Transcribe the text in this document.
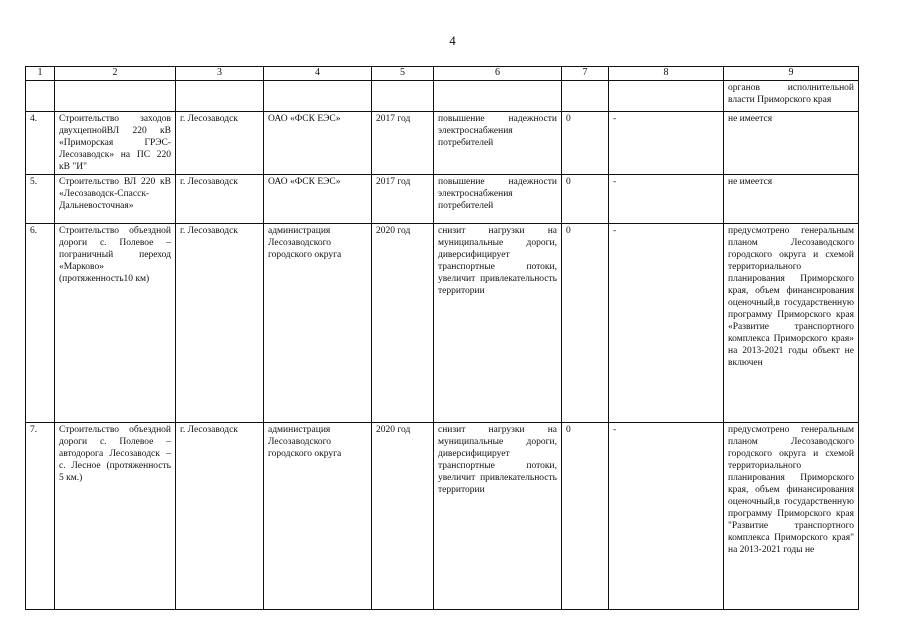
4
1	2	3	4	5	6	7	8	9
								органов исполнительной власти Приморского края
4.	Строительство заходов двухцепнойВЛ 220 кВ «Приморская ГРЭС-Лесозаводск» на ПС 220 кВ "И"	г. Лесозаводск	ОАО «ФСК ЕЭС»	2017 год	повышение надежности электроснабжения потребителей	0	-	не имеется
5.	Строительство ВЛ 220 кВ «Лесозаводск-Спасск-Дальневосточная»	г. Лесозаводск	ОАО «ФСК ЕЭС»	2017 год	повышение надежности электроснабжения потребителей	0	-	не имеется
6.	Строительство объездной дороги с. Полевое – пограничный переход «Марково» (протяженность10 км)	г. Лесозаводск	администрация Лесозаводского городского округа	2020 год	снизит нагрузки на муниципальные дороги, диверсифицирует транспортные потоки, увеличит привлекательность территории	0	-	предусмотрено генеральным планом Лесозаводского городского округа и схемой территориального планирования Приморского края, объем финансирования оценочный,в государственную программу Приморского края «Развитие транспортного комплекса Приморского края» на 2013-2021 годы объект не включен
7.	Строительство объездной дороги с. Полевое – автодорога Лесозаводск – с. Лесное (протяженность 5 км.)	г. Лесозаводск	администрация Лесозаводского городского округа	2020 год	снизит нагрузки на муниципальные дороги, диверсифицирует транспортные потоки, увеличит привлекательность территории	0	-	предусмотрено генеральным планом Лесозаводского городского округа и схемой территориального планирования Приморского края, объем финансирования оценочный,в государственную программу Приморского края "Развитие транспортного комплекса Приморского края" на 2013-2021 годы не
